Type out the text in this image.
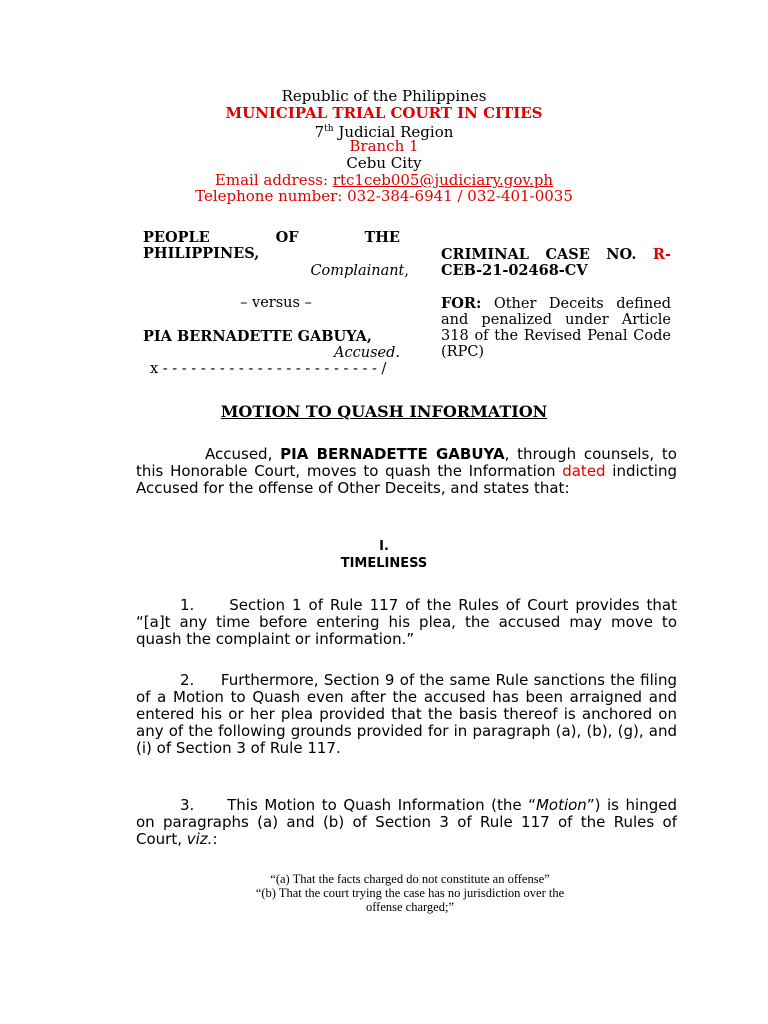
Republic of the Philippines
MUNICIPAL TRIAL COURT IN CITIES
7th Judicial Region
Branch 1
Cebu City
Email address: rtc1ceb005@judiciary.gov.ph
Telephone number: 032-384-6941 / 032-401-0035
PEOPLE	OF	THE
PHILIPPINES,
Complainant,
– versus –
PIA BERNADETTE GABUYA,
Accused.
x - - - - - - - - - - - - - - - - - - - - - - - /
CRIMINAL CASE NO. R-CEB-21-02468-CV
FOR: Other Deceits defined and penalized under Article 318 of the Revised Penal Code (RPC)
MOTION TO QUASH INFORMATION
Accused, PIA BERNADETTE GABUYA, through counsels, to this Honorable Court, moves to quash the Information dated indicting Accused for the offense of Other Deceits, and states that:
I.
TIMELINESS
1.     Section 1 of Rule 117 of the Rules of Court provides that “[a]t any time before entering his plea, the accused may move to quash the complaint or information.”
2.     Furthermore, Section 9 of the same Rule sanctions the filing of a Motion to Quash even after the accused has been arraigned and entered his or her plea provided that the basis thereof is anchored on any of the following grounds provided for in paragraph (a), (b), (g), and (i) of Section 3 of Rule 117.
3.     This Motion to Quash Information (the “Motion”) is hinged on paragraphs (a) and (b) of Section 3 of Rule 117 of the Rules of Court, viz.:
“(a) That the facts charged do not constitute an offense”
“(b) That the court trying the case has no jurisdiction over the offense charged;”
